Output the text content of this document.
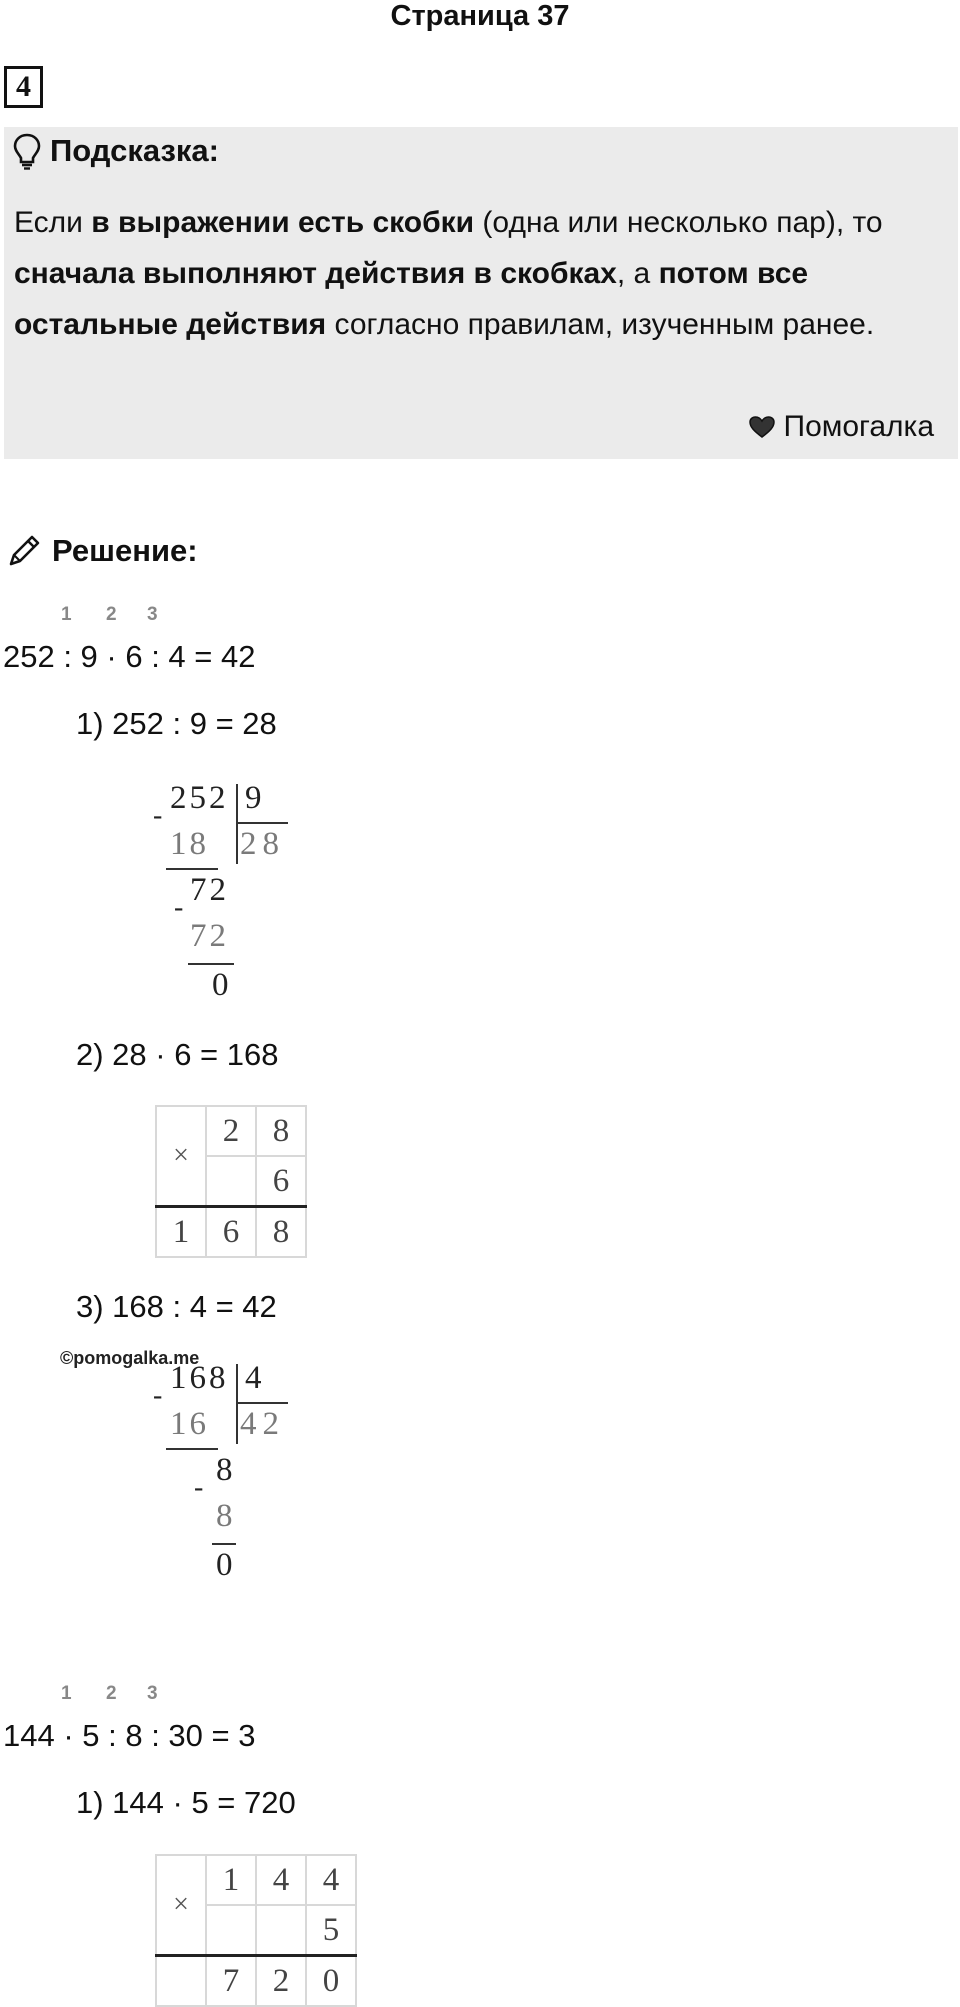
Страница 37
4
Подсказка:
Если в выражении есть скобки (одна или несколько пар), то сначала выполняют действия в скобках, а потом все остальные действия согласно правилам, изученным ранее.
Помогалка
Решение:
1 2 3
252 : 9 · 6 : 4 = 42
1) 252 : 9 = 28
252 9
-
18 28
72
-
72
0
2) 28 · 6 = 168
×	2	8
		6
1	6	8
3) 168 : 4 = 42
©pomogalka.me
168 4
-
16 42
8
-
8
0
1 2 3
144 · 5 : 8 : 30 = 3
1) 144 · 5 = 720
×	1	4	4
			5
	7	2	0
